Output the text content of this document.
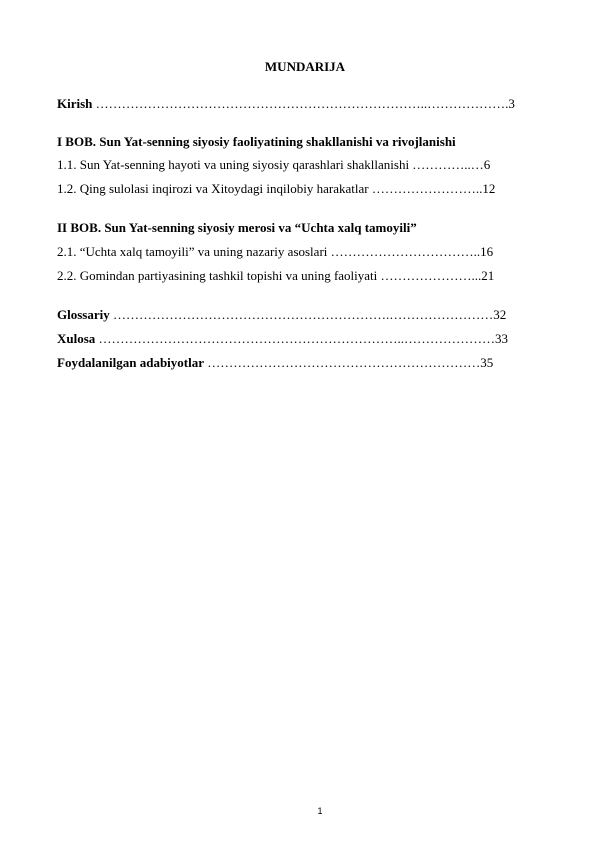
MUNDARIJA
Kirish …………………………………………………………………..……………….3
I BOB. Sun Yat-senning siyosiy faoliyatining shakllanishi va rivojlanishi
1.1. Sun Yat-senning hayoti va uning siyosiy qarashlari shakllanishi …………..…6
1.2. Qing sulolasi inqirozi va Xitoydagi inqilobiy harakatlar ……………………..12
II BOB. Sun Yat-senning siyosiy merosi va “Uchta xalq tamoyili”
2.1. “Uchta xalq tamoyili” va uning nazariy asoslari ……………………………..16
2.2. Gomindan partiyasining tashkil topishi va uning faoliyati …………………...21
Glossariy ……………………………………………………….……………………32
Xulosa ……………………………………………………………..…………………33
Foydalanilgan adabiyotlar ………………………………………………………35
1
